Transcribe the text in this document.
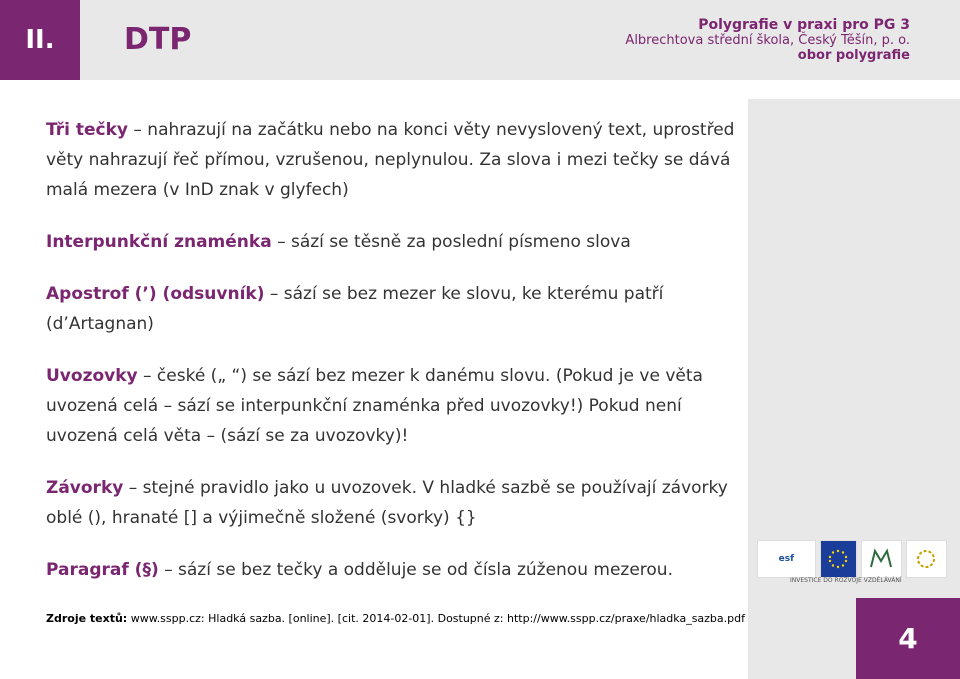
II.	DTP	Polygrafie v praxi pro PG 3
Albrechtova střední škola, Český Těšín, p. o.
obor polygrafie

Tři tečky – nahrazují na začátku nebo na konci věty nevyslovený text, uprostřed věty nahrazují řeč přímou, vzrušenou, neplynulou. Za slova i mezi tečky se dává malá mezera (v InD znak v glyfech)

Interpunkční znaménka – sází se těsně za poslední písmeno slova

Apostrof (’) (odsuvník) – sází se bez mezer ke slovu, ke kterému patří (d’Artagnan)

Uvozovky – české („ “) se sází bez mezer k danému slovu. (Pokud je ve věta uvozená celá – sází se interpunkční znaménka před uvozovky!) Pokud není uvozená celá věta – (sází se za uvozovky)!

Závorky – stejné pravidlo jako u uvozovek. V hladké sazbě se používají závorky oblé (), hranaté [] a výjimečně složené (svorky) {}

Paragraf (§) – sází se bez tečky a odděluje se od čísla zúženou mezerou.

esf
INVESTICE DO ROZVOJE VZDĚLÁVÁNÍ
Zdroje textů: www.sspp.cz: Hladká sazba. [online]. [cit. 2014-02-01]. Dostupné z: http://www.sspp.cz/praxe/hladka_sazba.pdf
4
